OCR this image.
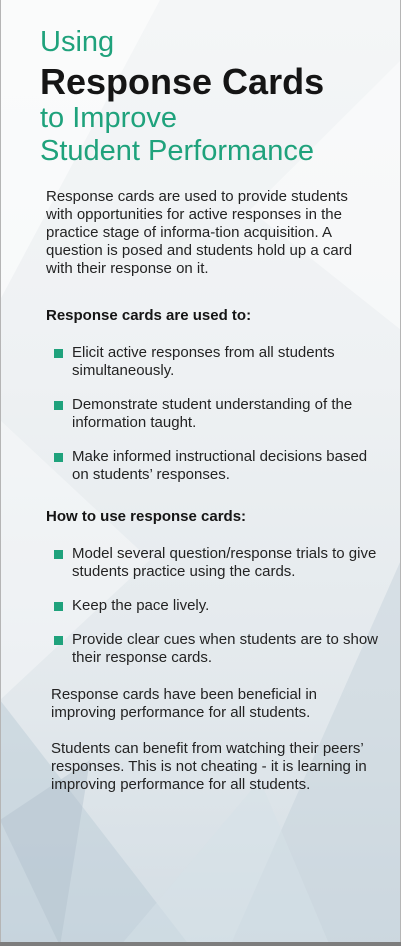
Using
Response Cards
to Improve
Student Performance

Response cards are used to provide students with opportunities for active responses in the practice stage of informa-tion acquisition. A question is posed and students hold up a card with their response on it.

Response cards are used to:
Elicit active responses from all students simultaneously.
Demonstrate student understanding of the information taught.
Make informed instructional decisions based on students’ responses.
How to use response cards:
Model several question/response trials to give students practice using the cards.
Keep the pace lively.
Provide clear cues when students are to show their response cards.

Response cards have been beneficial in improving performance for all students.

Students can benefit from watching their peers’ responses. This is not cheating - it is learning in improving performance for all students.
